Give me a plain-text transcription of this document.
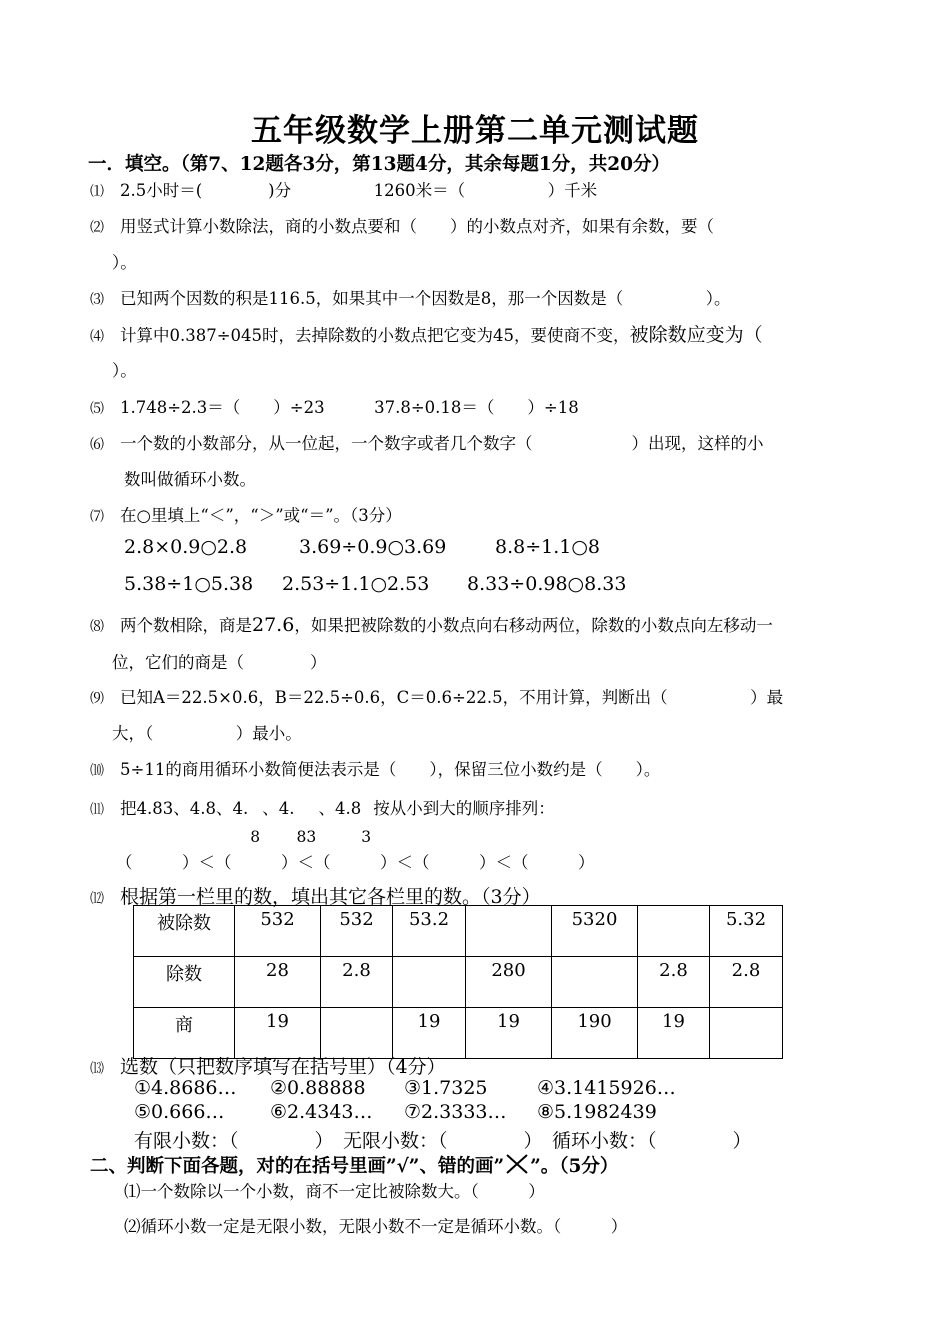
五年级数学上册第二单元测试题
一．填空。（第7、12题各3分，第13题4分，其余每题1分，共20分）
⑴ 2.5小时＝(　　　　)分　　　　　1260米＝（　　　　　）千米
⑵ 用竖式计算小数除法，商的小数点要和（　　）的小数点对齐，如果有余数，要（
）。
⑶ 已知两个因数的积是116.5，如果其中一个因数是8，那一个因数是（　　　　　）。
⑷ 计算中0.387÷045时，去掉除数的小数点把它变为45，要使商不变，被除数应变为（
）。
⑸ 1.748÷2.3＝（　　）÷23　　　37.8÷0.18＝（　　）÷18
⑹ 一个数的小数部分，从一位起，一个数字或者几个数字（　　　　　　）出现，这样的小
数叫做循环小数。
⑺ 在○里填上“＜”，“＞”或“＝”。（3分）
2.8×0.9○2.8	3.69÷0.9○3.69	8.8÷1.1○8
5.38÷1○5.38 2.53÷1.1○2.53 8.33÷0.98○8.33
⑻ 两个数相除，商是27.6，如果把被除数的小数点向右移动两位，除数的小数点向左移动一
位，它们的商是（　　　　）
⑼ 已知A＝22.5×0.6，B＝22.5÷0.6，C＝0.6÷22.5，不用计算，判断出（　　　　　）最
大，（　　　　　）最小。
⑽ 5÷11的商用循环小数简便法表示是（　　），保留三位小数约是（　　）。
⑾ 把4.83、4.8、4.
8
、4.
83
、4.8
3
按从小到大的顺序排列：
（　　　）＜（　　　）＜（　　　）＜（　　　）＜（　　　）
⑿ 根据第一栏里的数，填出其它各栏里的数。（3分）
被除数	532	532	53.2		5320		5.32
除数	28	2.8		280		2.8	2.8
商	19		19	19	190	19	
⒀ 选数（只把数序填写在括号里）（4分）
①4.8686… ②0.88888 ③1.7325	④3.1415926…
⑤0.666… ⑥2.4343… ⑦2.3333… ⑧5.1982439
有限小数：（　　　　）　无限小数：（　　　　）　循环小数：（　　　　）
二、判断下面各题，对的在括号里画”√”、错的画” ”。（5分）
⑴一个数除以一个小数，商不一定比被除数大。（　　　）
⑵循环小数一定是无限小数，无限小数不一定是循环小数。（　　　）
